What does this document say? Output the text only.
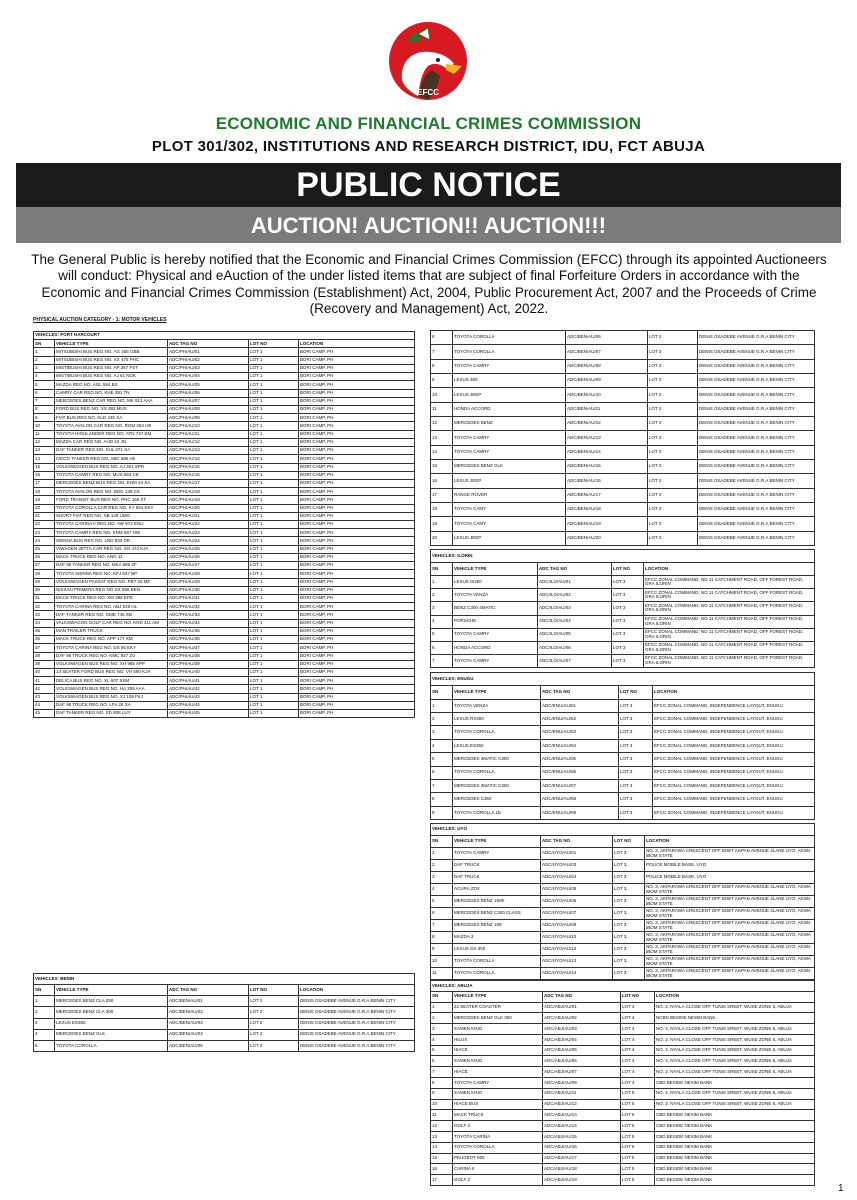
EFCC
ECONOMIC AND FINANCIAL CRIMES COMMISSION
PLOT 301/302, INSTITUTIONS AND RESEARCH DISTRICT, IDU, FCT ABUJA
PUBLIC NOTICE
AUCTION! AUCTION!! AUCTION!!!
The General Public is hereby notified that the Economic and Financial Crimes Commission (EFCC) through its appointed Auctioneers will conduct: Physical and eAuction of the under listed items that are subject of final Forfeiture Orders in accordance with the Economic and Financial Crimes Commission (Establishment) Act, 2004, Public Procurement Act, 2007 and the Proceeds of Crime (Recovery and Management) Act, 2022.
PHYSICAL AUCTION CATEGORY - 1: MOTOR VEHICLES
VEHICLES: PORT HARCOURT				
SN	VEHICLE TYPE	ADC TAG NO	LOT NO	LOCATION

1	MITSUBISHI BUS REG NO. AG 455 GBB	ADC/PH/AU/01	LOT 1	BORI CAMP, PH

2	MITSUBISHI BUS REG NO. XX 475 PHC	ADC/PH/AU/02	LOT 1	BORI CAMP, PH

3	MISTIBUSHI BUS REG NO. AP 367 FST	ADC/PH/AU/03	LOT 1	BORI CAMP, PH

4	MISTIBUSHI BUS REG NO. AJ 61 NGK	ADC/PH/AU/04	LOT 1	BORI CAMP, PH

5	MAZDA REG NO. AGL 584 BS	ADC/PH/AU/05	LOT 1	BORI CAMP, PH

6	CAMRY CAR REG NO. KHE 391 TN	ADC/PH/AU/06	LOT 1	BORI CAMP, PH

7	MERCEDES BENZ CAR REG NO. MK 913 AAA	ADC/PH/AU/07	LOT 1	BORI CAMP, PH

8	FORD BUS REG NO. XX 382 MUS	ADC/PH/AU/08	LOT 1	BORI CAMP, PH

9	FIAT BUS REG NO. KLD 445 XA	ADC/PH/AU/09	LOT 1	BORI CAMP, PH

10	TOYOTA AVALON CAR REG NO. RGM 264 HE	ADC/PH/AU/10	LOT 1	BORI CAMP, PH

11	TOYOTA HIGHLANDER REG NO. ATN 747 EM	ADC/PH/AU/11	LOT 1	BORI CAMP, PH

12	MAZDA CAR REG NO. AHD 44 JN	ADC/PH/AU/12	LOT 1	BORI CAMP, PH

13	DAF TANKER REG NO. SUL 471 XA	ADC/PH/AU/13	LOT 1	BORI CAMP, PH

14	IVECO TANKER REG NO. ABC 685 AE	ADC/PH/AU/14	LOT 1	BORI CAMP, PH

15	VOLKSWAGEN BUS REG NO. AJ 301 SPR	ADC/PH/AU/15	LOT 1	BORI CAMP, PH

16	TOYOTA CAMRY REG NO. MUS 663 CE	ADC/PH/AU/16	LOT 1	BORI CAMP, PH

17	MERCEDES BENZ BUS REG NO. EHM 44 XA	ADC/PH/AU/17	LOT 1	BORI CAMP, PH

18	TOYOTA AVALON REG NO. BDG 139 CK	ADC/PH/AU/18	LOT 1	BORI CAMP, PH

19	FORD TRANSIT BUS REG NO. PHC 166 ZT	ADC/PH/AU/19	LOT 1	BORI CAMP, PH

20	TOYOTA COROLLA CAR REG NO. KY 554 EKY	ADC/PH/AU/20	LOT 1	BORI CAMP, PH

21	SHORT FIAT REG NO. XB 149 UMG	ADC/PH/AU/21	LOT 1	BORI CAMP, PH

22	TOYOTA CARINA II REG NO. AW 972 ENU	ADC/PH/AU/22	LOT 1	BORI CAMP, PH

23	TOYOTA CAMRY REG NO. KNM 697 HW	ADC/PH/AU/23	LOT 1	BORI CAMP, PH

24	SIENNA BUS REG NO. LND 933 DR	ADC/PH/AU/24	LOT 1	BORI CAMP, PH

25	V/WAGEN JETTA CAR REG NO. SG 472 KJA	ADC/PH/AU/25	LOT 1	BORI CAMP, PH

26	MACK TRUCK REG NO. ANG 11	ADC/PH/AU/26	LOT 1	BORI CAMP, PH

27	DAF 95 TANKER REG NO. MKA 586 ZF	ADC/PH/AU/27	LOT 1	BORI CAMP, PH

28	TOYOTA SIENNA REG NO. KFJ 837 BP	ADC/PH/AU/28	LOT 1	BORI CAMP, PH

29	VOLKSWAGEN PASSAT REG NO. PBT 25 MF	ADC/PH/AU/29	LOT 1	BORI CAMP, PH

30	NISSAN PRIMERA REG NO DX 595 BEN	ADC/PH/AU/30	LOT 1	BORI CAMP, PH

31	MACK TRUCK REG NO. XM 388 EPE	ADC/PH/AU/31	LOT 1	BORI CAMP, PH

32	TOYOTA CARINA REG NO. ABJ 549 HL	ADC/PH/AU/32	LOT 1	BORI CAMP, PH

33	DAF TANKER REG NO. GME 745 XB	ADC/PH/AU/33	LOT 1	BORI CAMP, PH

34	VALKSWAGON GOLF CAR REG NO. KRD 411 AM	ADC/PH/AU/34	LOT 1	BORI CAMP, PH

35	MAN TRAILER TRUCK	ADC/PH/AU/35	LOT 1	BORI CAMP, PH

36	MACK TRUCK REG NO. APP 177 XM	ADC/PH/AU/36	LOT 1	BORI CAMP, PH

37	TOYOTA CARINA REG NO. DS 55 EKY	ADC/PH/AU/37	LOT 1	BORI CAMP, PH

38	DAF 95 TRUCK REG NO. KMC 927 ZV	ADC/PH/AU/38	LOT 1	BORI CAMP, PH

39	VOLKSWAGEN BUS REG NO. XH 985 APP	ADC/PH/AU/39	LOT 1	BORI CAMP, PH

40	14 SEATER FORD BUS REG NO. VH 590 KJA	ADC/PH/AU/40	LOT 1	BORI CAMP, PH

41	DELICA BUS REG NO. XL 607 SSM	ADC/PH/AU/41	LOT 1	BORI CAMP, PH

42	VOLKSWAGEN BUS REG NO. HA 259 AAA	ADC/PH/AU/42	LOT 1	BORI CAMP, PH

43	VOLKSWAGEN BUS REG NO. XJ 109 FKJ	ADC/PH/AU/43	LOT 1	BORI CAMP, PH

44	DAF 95 TRUCK REG NO. LFA 26 XA	ADC/PH/AU/44	LOT 1	BORI CAMP, PH

45	DAF TANKER REG NO. XD 808 LUY	ADC/PH/AU/45	LOT 1	BORI CAMP, PH
VEHICLES: BENIN				
SN	VEHICLE TYPE	ADC TAG NO	LOT NO	LOCATION

1	MERCEDES BENZ CLA 250	ADC/BEN/AU/01	LOT 2	DENIS OSADEBE AVENUE G.R.A BENIN CITY

2	MERCEDES BENZ CLA 300	ADC/BEN/AU/02	LOT 2	DENIS OSADEBE AVENUE G.R.A BENIN CITY

3	LEXUS ES350	ADC/BEN/AU/03	LOT 2	DENIS OSADEBE AVENUE G.R.A BENIN CITY

4	MERCEDES BENZ GLK	ADC/BEN/AU/04	LOT 2	DENIS OSADEBE AVENUE G.R.A BENIN CITY

5	TOYOTA COROLLA	ADC/BEN/AU/05	LOT 2	DENIS OSADEBE AVENUE G.R.A BENIN CITY
6	TOYOTA COROLLA	ADC/BEN/AU/06	LOT 2	DENIS OSADEBE AVENUE G.R.A BENIN CITY

7	TOYOTA COROLLA	ADC/BEN/AU/07	LOT 2	DENIS OSADEBE AVENUE G.R.A BENIN CITY

8	TOYOTA CAMRY	ADC/BEN/AU/08	LOT 2	DENIS OSADEBE AVENUE G.R.A BENIN CITY

9	LEXUS 350	ADC/BEN/AU/09	LOT 2	DENIS OSADEBE AVENUE G.R.A BENIN CITY

10	LEXUS JEEP	ADC/BEN/AU/10	LOT 2	DENIS OSADEBE AVENUE G.R.A BENIN CITY

11	HONDA ACCORD	ADC/BEN/AU/11	LOT 2	DENIS OSADEBE AVENUE G.R.A BENIN CITY

12	MERCEDES BENZ	ADC/BEN/AU/12	LOT 2	DENIS OSADEBE AVENUE G.R.A BENIN CITY

13	TOYOTA CAMRY	ADC/BEN/AU/13	LOT 2	DENIS OSADEBE AVENUE G.R.A BENIN CITY

14	TOYOTA CAMRY	ADC/BEN/AU/14	LOT 2	DENIS OSADEBE AVENUE G.R.A BENIN CITY

15	MERCEDES BENZ GLK	ADC/BEN/AU/15	LOT 2	DENIS OSADEBE AVENUE G.R.A BENIN CITY

16	LEXUS JEEP	ADC/BEN/AU/16	LOT 2	DENIS OSADEBE AVENUE G.R.A BENIN CITY

17	RANGE ROVER	ADC/BEN/AU/17	LOT 2	DENIS OSADEBE AVENUE G.R.A BENIN CITY

18	TOYOTA CAMY	ADC/BEN/AU/18	LOT 2	DENIS OSADEBE AVENUE G.R.A BENIN CITY

19	TOYOTA CAMY	ADC/BEN/AU/19	LOT 2	DENIS OSADEBE AVENUE G.R.A BENIN CITY

20	LEXUS JEEP	ADC/BEN/AU/20	LOT 2	DENIS OSADEBE AVENUE G.R.A BENIN CITY
VEHICLES: ILORIN				
SN	VEHICLE TYPE	ADC TAG NO	LOT NO	LOCATION

1	LEXUS IS250	ADC/ILO/AU/01	LOT 3	EFCC ZONAL COMMAND, NO 11 CATCHMENT ROAD, OFF FOREST ROAD, GRA ILORIN

2	TOYOTA VENZA	ADC/ILO/AU/02	LOT 3	EFCC ZONAL COMMAND, NO 11 CATCHMENT ROAD, OFF FOREST ROAD, GRA ILORIN

3	BENZ C300 4MATIC	ADC/ILO/AU/03	LOT 3	EFCC ZONAL COMMAND, NO 11 CATCHMENT ROAD, OFF FOREST ROAD, GRA ILORIN

4	PORSCHE	ADC/ILO/AU/04	LOT 3	EFCC ZONAL COMMAND, NO 11 CATCHMENT ROAD, OFF FOREST ROAD, GRA ILORIN

5	TOYOTA CAMRY	ADC/ILO/AU/05	LOT 3	EFCC ZONAL COMMAND, NO 11 CATCHMENT ROAD, OFF FOREST ROAD, GRA ILORIN

6	HONDA ACCORD	ADC/ILO/AU/06	LOT 3	EFCC ZONAL COMMAND, NO 11 CATCHMENT ROAD, OFF FOREST ROAD, GRA ILORIN

7	TOYOTA CAMRY	ADC/ILO/AU/07	LOT 3	EFCC ZONAL COMMAND, NO 11 CATCHMENT ROAD, OFF FOREST ROAD, GRA ILORIN
VEHICLES: ENUGU				
SN	VEHICLE TYPE	ADC TAG NO	LOT NO	LOCATION

1	TOYOTA VENZA	ADC/ENU/AU/01	LOT 3	EFCC ZONAL COMMAND, INDEPENDENCE LAYOUT, ENUGU

2	LEXUS RX300	ADC/ENU/AU/02	LOT 3	EFCC ZONAL COMMAND, INDEPENDENCE LAYOUT, ENUGU

3	TOYOTA COROLLA	ADC/ENU/AU/03	LOT 3	EFCC ZONAL COMMAND, INDEPENDENCE LAYOUT, ENUGU

4	LEXUS ES350	ADC/ENU/AU/04	LOT 3	EFCC ZONAL COMMAND, INDEPENDENCE LAYOUT, ENUGU

5	MERCEDES 4MATIC C300	ADC/ENU/AU/05	LOT 3	EFCC ZONAL COMMAND, INDEPENDENCE LAYOUT, ENUGU

6	TOYOTA COROLLA	ADC/ENU/AU/06	LOT 3	EFCC ZONAL COMMAND, INDEPENDENCE LAYOUT, ENUGU

7	MERCEDES 4MATIC C300	ADC/ENU/AU/07	LOT 3	EFCC ZONAL COMMAND, INDEPENDENCE LAYOUT, ENUGU

8	MERCEDES C350	ADC/ENU/AU/08	LOT 3	EFCC ZONAL COMMAND, INDEPENDENCE LAYOUT, ENUGU

9	TOYOTA COROLLA LE	ADC/ENU/AU/09	LOT 3	EFCC ZONAL COMMAND, INDEPENDENCE LAYOUT, ENUGU
VEHICLES: UYO				
SN	VEHICLE TYPE	ADC TAG NO	LOT NO	LOCATION

1	TOYOTA CAMRY	ADC/UYO/AU/01	LOT 3	NO. 3, AKPARAWA CRESCENT OFF EDET AKPAN AVENUE 4LANE UYO, AKWA IBOM STATE

2	DAF TRUCK	ADC/UYO/AU/03	LOT 3	POLICE MOBILE BASE, UYO

3	DAF TRUCK	ADC/UYO/AU/04	LOT 3	POLICE MOBILE BASE, UYO

4	ACURA ZDX	ADC/UYO/AU/05	LOT 3	NO. 3, AKPARAWA CRESCENT OFF EDET AKPAN AVENUE 4LANE UYO, AKWA IBOM STATE

5	MERCEDES BENZ 190E	ADC/UYO/AU/06	LOT 3	NO. 3, AKPARAWA CRESCENT OFF EDET AKPAN AVENUE 4LANE UYO, AKWA IBOM STATE

6	MERCEDES BENZ C300 CLASS	ADC/UYO/AU/07	LOT 3	NO. 3, AKPARAWA CRESCENT OFF EDET AKPAN AVENUE 4LANE UYO, AKWA IBOM STATE

7	MERCEDES BENZ 190	ADC/UYO/AU/08	LOT 3	NO. 3, AKPARAWA CRESCENT OFF EDET AKPAN AVENUE 4LANE UYO, AKWA IBOM STATE

8	MAZDA 3	ADC/UYO/AU/10	LOT 3	NO. 3, AKPARAWA CRESCENT OFF EDET AKPAN AVENUE 4LANE UYO, AKWA IBOM STATE

9	LEXUS GS 350	ADC/UYO/AU/12	LOT 3	NO. 3, AKPARAWA CRESCENT OFF EDET AKPAN AVENUE 4LANE UYO, AKWA IBOM STATE

10	TOYOTA COROLLA	ADC/UYO/AU/13	LOT 3	NO. 3, AKPARAWA CRESCENT OFF EDET AKPAN AVENUE 4LANE UYO, AKWA IBOM STATE

11	TOYOTA COROLLA	ADC/UYO/AU/14	LOT 3	NO. 3, AKPARAWA CRESCENT OFF EDET AKPAN AVENUE 4LANE UYO, AKWA IBOM STATE
VEHICLES: ABUJA				
SN	VEHICLE TYPE	ADC TAG NO	LOT NO	LOCATION

1	22 SEATER COASTER	ADC/ABJ/AU/01	LOT 4	NO. 2, NYALA CLOSE OFF TUNIS SREET, WUSE ZONE 6, ABUJA

2	MERCEDES BENZ GLK 350	ADC/ABJ/AU/02	LOT 4	NCBD BESIDE NEXIM BANK

3	XAMEN KING	ADC/ABJ/AU/03	LOT 4	NO. 2, NYALA CLOSE OFF TUNIS SREET, WUSE ZONE 6, ABUJA

4	HILUX	ADC/ABJ/AU/04	LOT 4	NO. 2, NYALA CLOSE OFF TUNIS SREET, WUSE ZONE 6, ABUJA

5	HIACE	ADC/ABJ/AU/05	LOT 4	NO. 2, NYALA CLOSE OFF TUNIS SREET, WUSE ZONE 6, ABUJA

6	XAMEN KING	ADC/ABJ/AU/06	LOT 4	NO. 2, NYALA CLOSE OFF TUNIS SREET, WUSE ZONE 6, ABUJA

7	HIACE	ADC/ABJ/AU/07	LOT 4	NO. 2, NYALA CLOSE OFF TUNIS SREET, WUSE ZONE 6, ABUJA

8	TOYOTA CAMRY	ADC/ABJ/AU/09	LOT 4	CBD BESIDE NEXIM BANK

9	XAMEN KING	ADC/ABJ/AU/11	LOT 5	NO. 2, NYALA CLOSE OFF TUNIS SREET, WUSE ZONE 6, ABUJA

10	HIACE BUS	ADC/ABJ/AU/12	LOT 5	NO. 2, NYALA CLOSE OFF TUNIS SREET, WUSE ZONE 6, ABUJA

11	MACK TRUCK	ADC/ABJ/AU/13	LOT 5	CBD BESIDE NEXIM BANK

12	GOLF 2	ADC/ABJ/AU/14	LOT 5	CBD BESIDE NEXIM BANK

13	TOYOTA CARINA	ADC/ABJ/AU/15	LOT 5	CBD BESIDE NEXIM BANK

14	TOYOTA COROLLA	ADC/ABJ/AU/16	LOT 5	CBD BESIDE NEXIM BANK

15	PEUGEOT 505	ADC/ABJ/AU/17	LOT 5	CBD BESIDE NEXIM BANK

16	CARINA II	ADC/ABJ/AU/18	LOT 5	CBD BESIDE NEXIM BANK

17	GOLF 2	ADC/ABJ/AU/19	LOT 5	CBD BESIDE NEXIM BANK
1
